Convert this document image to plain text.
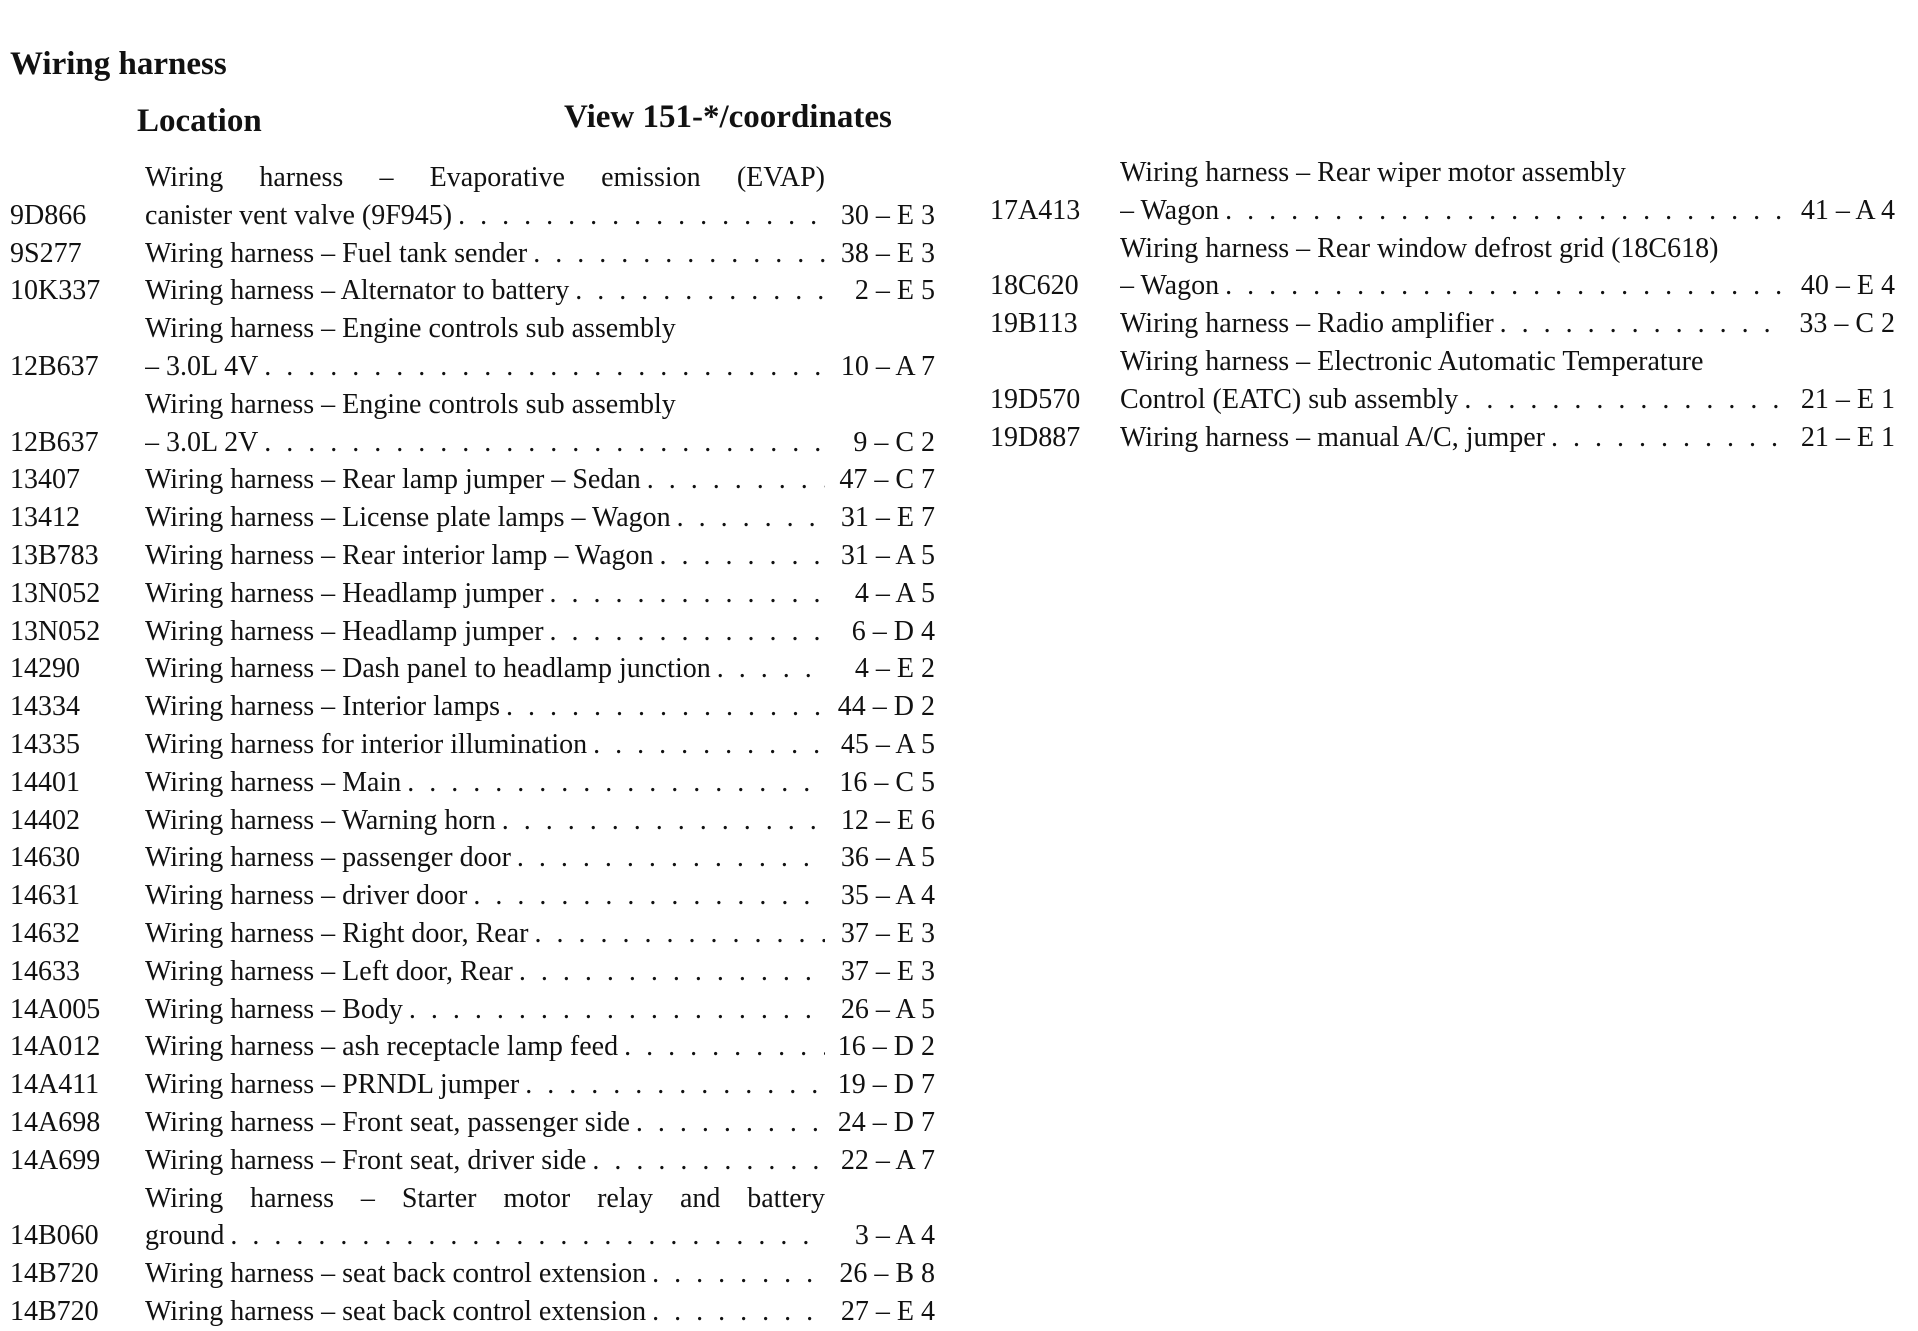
Wiring harness
Location	View 151-*/coordinates
9D866
Wiring harness – Evaporative emission (EVAP)
canister vent valve (9F945) . . .	30 – E 3
9S277	Wiring harness – Fuel tank sender . . .	38 – E 3
10K337	Wiring harness – Alternator to battery . . .	2 – E 5
12B637
Wiring harness – Engine controls sub assembly
– 3.0L 4V . . .	10 – A 7
12B637
Wiring harness – Engine controls sub assembly
– 3.0L 2V . . .	9 – C 2
13407	Wiring harness – Rear lamp jumper – Sedan . . .	47 – C 7
13412	Wiring harness – License plate lamps – Wagon . . .	31 – E 7
13B783	Wiring harness – Rear interior lamp – Wagon . . .	31 – A 5
13N052	Wiring harness – Headlamp jumper . . .	4 – A 5
13N052	Wiring harness – Headlamp jumper . . .	6 – D 4
14290	Wiring harness – Dash panel to headlamp junction . . .	4 – E 2
14334	Wiring harness – Interior lamps . . .	44 – D 2
14335	Wiring harness for interior illumination . . .	45 – A 5
14401	Wiring harness – Main . . .	16 – C 5
14402	Wiring harness – Warning horn . . .	12 – E 6
14630	Wiring harness – passenger door . . .	36 – A 5
14631	Wiring harness – driver door . . .	35 – A 4
14632	Wiring harness – Right door, Rear . . .	37 – E 3
14633	Wiring harness – Left door, Rear . . .	37 – E 3
14A005	Wiring harness – Body . . .	26 – A 5
14A012	Wiring harness – ash receptacle lamp feed . . .	16 – D 2
14A411	Wiring harness – PRNDL jumper . . .	19 – D 7
14A698	Wiring harness – Front seat, passenger side . . .	24 – D 7
14A699	Wiring harness – Front seat, driver side . . .	22 – A 7
14B060
Wiring harness – Starter motor relay and battery
ground . . .	3 – A 4
14B720	Wiring harness – seat back control extension . . .	26 – B 8
14B720	Wiring harness – seat back control extension . . .	27 – E 4
17A413
Wiring harness – Rear wiper motor assembly
– Wagon . . .	41 – A 4
18C620
Wiring harness – Rear window defrost grid (18C618)
– Wagon . . .	40 – E 4
19B113	Wiring harness – Radio amplifier . . .	33 – C 2
19D570
Wiring harness – Electronic Automatic Temperature
Control (EATC) sub assembly . . .	21 – E 1
19D887	Wiring harness – manual A/C, jumper . . .	21 – E 1
